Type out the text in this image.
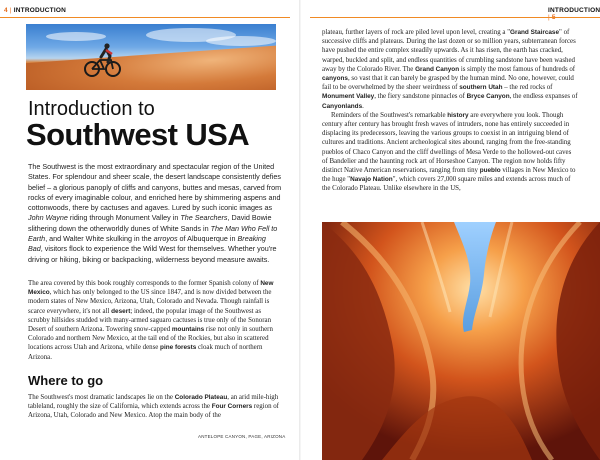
4 | INTRODUCTION
Introduction to
Southwest USA

The Southwest is the most extraordinary and spectacular region of the United States. For splendour and sheer scale, the desert landscape consistently defies belief – a glorious panoply of cliffs and canyons, buttes and mesas, carved from rocks of every imaginable colour, and enriched here by shimmering aspens and cottonwoods, there by cactuses and agaves. Lured by such iconic images as John Wayne riding through Monument Valley in The Searchers, David Bowie slithering down the otherworldly dunes of White Sands in The Man Who Fell to Earth, and Walter White skulking in the arroyos of Albuquerque in Breaking Bad, visitors flock to experience the Wild West for themselves. Whether you're driving or hiking, biking or backpacking, wilderness beyond measure awaits.

The area covered by this book roughly corresponds to the former Spanish colony of New Mexico, which has only belonged to the US since 1847, and is now divided between the modern states of New Mexico, Arizona, Utah, Colorado and Nevada. Though rainfall is scarce everywhere, it's not all desert; indeed, the popular image of the Southwest as scrubby hillsides studded with many-armed saguaro cactuses is true only of the Sonoran Desert of southern Arizona. Towering snow-capped mountains rise not only in southern Colorado and northern New Mexico, at the tail end of the Rockies, but also in scattered locations across Utah and Arizona, while dense pine forests cloak much of northern Arizona.

Where to go

The Southwest's most dramatic landscapes lie on the Colorado Plateau, an arid mile-high tableland, roughly the size of California, which extends across the Four Corners region of Arizona, Utah, Colorado and New Mexico. Atop the main body of the

ANTELOPE CANYON, PAGE, ARIZONA
INTRODUCTION

plateau, further layers of rock are piled level upon level, creating a "Grand Staircase" of successive cliffs and plateaus. During the last dozen or so million years, subterranean forces have pushed the entire complex steadily upwards. As it has risen, the earth has cracked, warped, buckled and split, and endless quantities of crumbling sandstone have been washed away by the Colorado River. The Grand Canyon is simply the most famous of hundreds of canyons, so vast that it can barely be grasped by the human mind. No one, however, could fail to be overwhelmed by the sheer weirdness of southern Utah – the red rocks of Monument Valley, the fiery sandstone pinnacles of Bryce Canyon, the endless expanses of Canyonlands.

Reminders of the Southwest's remarkable history are everywhere you look. Though century after century has brought fresh waves of intruders, none has entirely succeeded in displacing its predecessors, leaving the various groups to coexist in an intriguing blend of cultures and traditions. Ancient archeological sites abound, ranging from the free-standing pueblos of Chaco Canyon and the cliff dwellings of Mesa Verde to the hollowed-out caves of Bandelier and the haunting rock art of Horseshoe Canyon. The region now holds fifty distinct Native American reservations, ranging from tiny pueblo villages in New Mexico to the huge "Navajo Nation", which covers 27,000 square miles and extends across much of the Colorado Plateau. Unlike elsewhere in the US,
